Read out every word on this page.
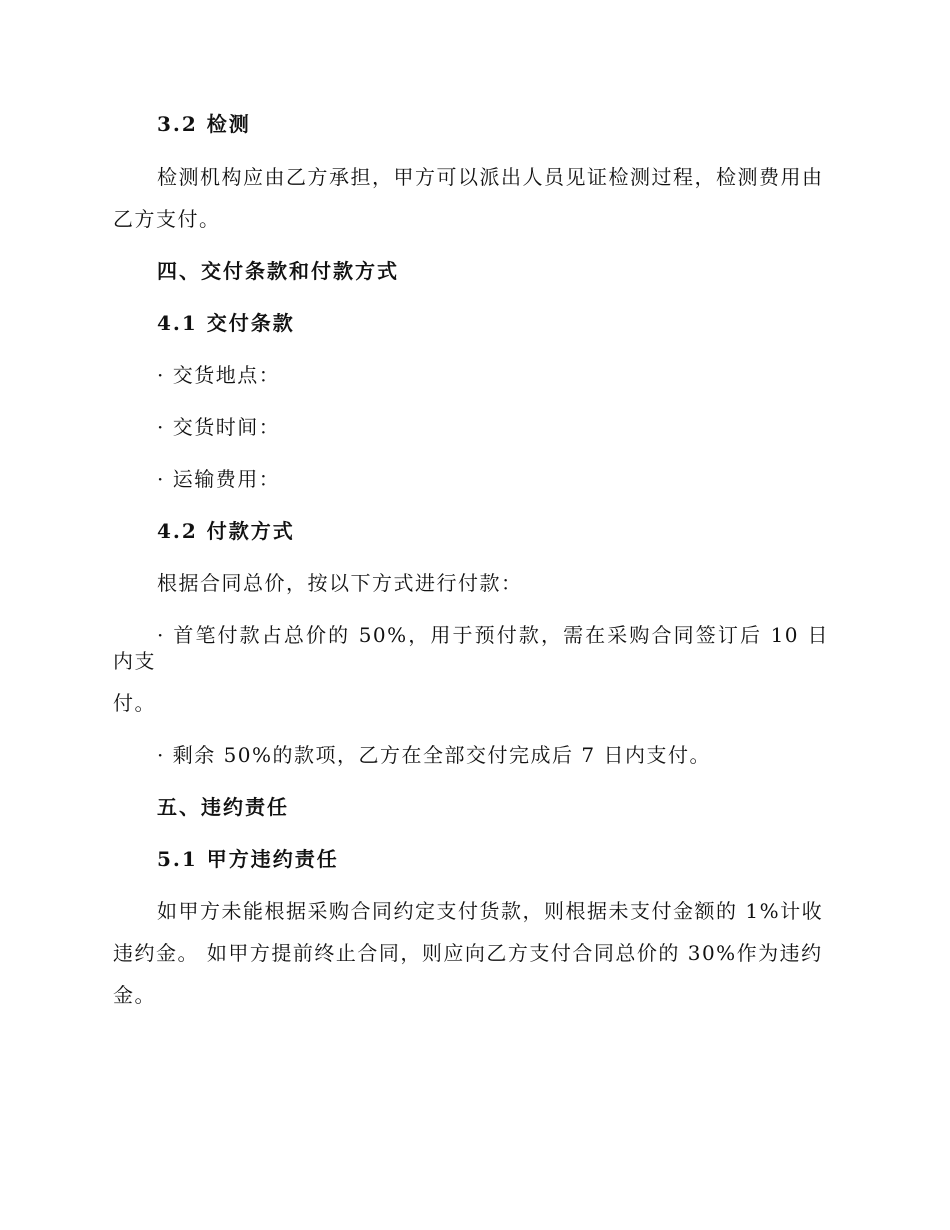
3.2 检测

检测机构应由乙方承担，甲方可以派出人员见证检测过程，检测费用由
乙方支付。

四、交付条款和付款方式
4.1 交付条款

· 交货地点：

· 交货时间：

· 运输费用：

4.2 付款方式

根据合同总价，按以下方式进行付款：

· 首笔付款占总价的 50%，用于预付款，需在采购合同签订后 10 日内支
付。

· 剩余 50%的款项，乙方在全部交付完成后 7 日内支付。

五、违约责任
5.1 甲方违约责任

如甲方未能根据采购合同约定支付货款，则根据未支付金额的 1%计收
违约金。 如甲方提前终止合同，则应向乙方支付合同总价的 30%作为违约
金。
